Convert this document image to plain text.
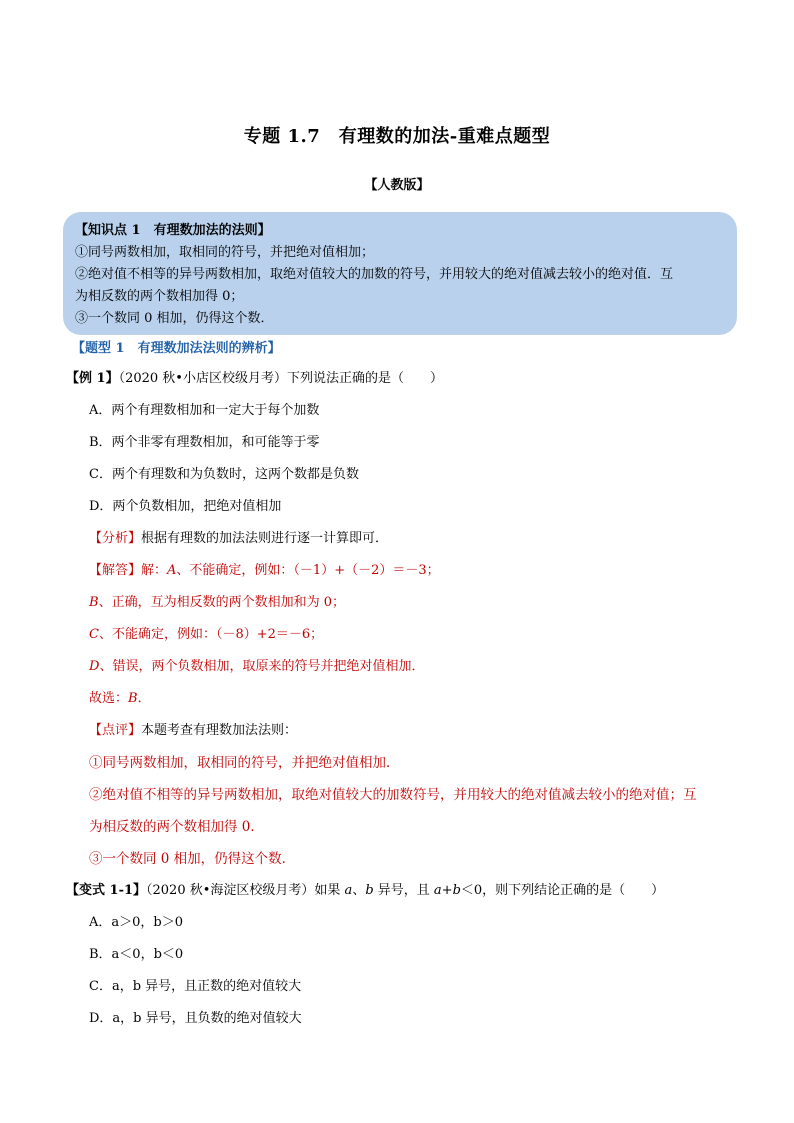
专题 1.7　有理数的加法-重难点题型
【人教版】

【知识点 1　有理数加法的法则】

①同号两数相加，取相同的符号，并把绝对值相加；

②绝对值不相等的异号两数相加，取绝对值较大的加数的符号，并用较大的绝对值减去较小的绝对值．互

为相反数的两个数相加得 0；

③一个数同 0 相加，仍得这个数．

【题型 1　有理数加法法则的辨析】
【例 1】（2020 秋•小店区校级月考）下列说法正确的是（　　）
A．两个有理数相加和一定大于每个加数
B．两个非零有理数相加，和可能等于零
C．两个有理数和为负数时，这两个数都是负数
D．两个负数相加，把绝对值相加
【分析】根据有理数的加法法则进行逐一计算即可．
【解答】解：A、不能确定，例如：（－1）+（－2）＝－3；
B、正确，互为相反数的两个数相加和为 0；
C、不能确定，例如：（－8）+2＝－6；
D、错误，两个负数相加，取原来的符号并把绝对值相加．
故选：B．
【点评】本题考查有理数加法法则：
①同号两数相加，取相同的符号，并把绝对值相加．
②绝对值不相等的异号两数相加，取绝对值较大的加数符号，并用较大的绝对值减去较小的绝对值；互
为相反数的两个数相加得 0．
③一个数同 0 相加，仍得这个数．
【变式 1-1】（2020 秋•海淀区校级月考）如果 a、b 异号，且 a+b＜0，则下列结论正确的是（　　）
A．a＞0，b＞0
B．a＜0，b＜0
C．a，b 异号，且正数的绝对值较大
D．a，b 异号，且负数的绝对值较大
